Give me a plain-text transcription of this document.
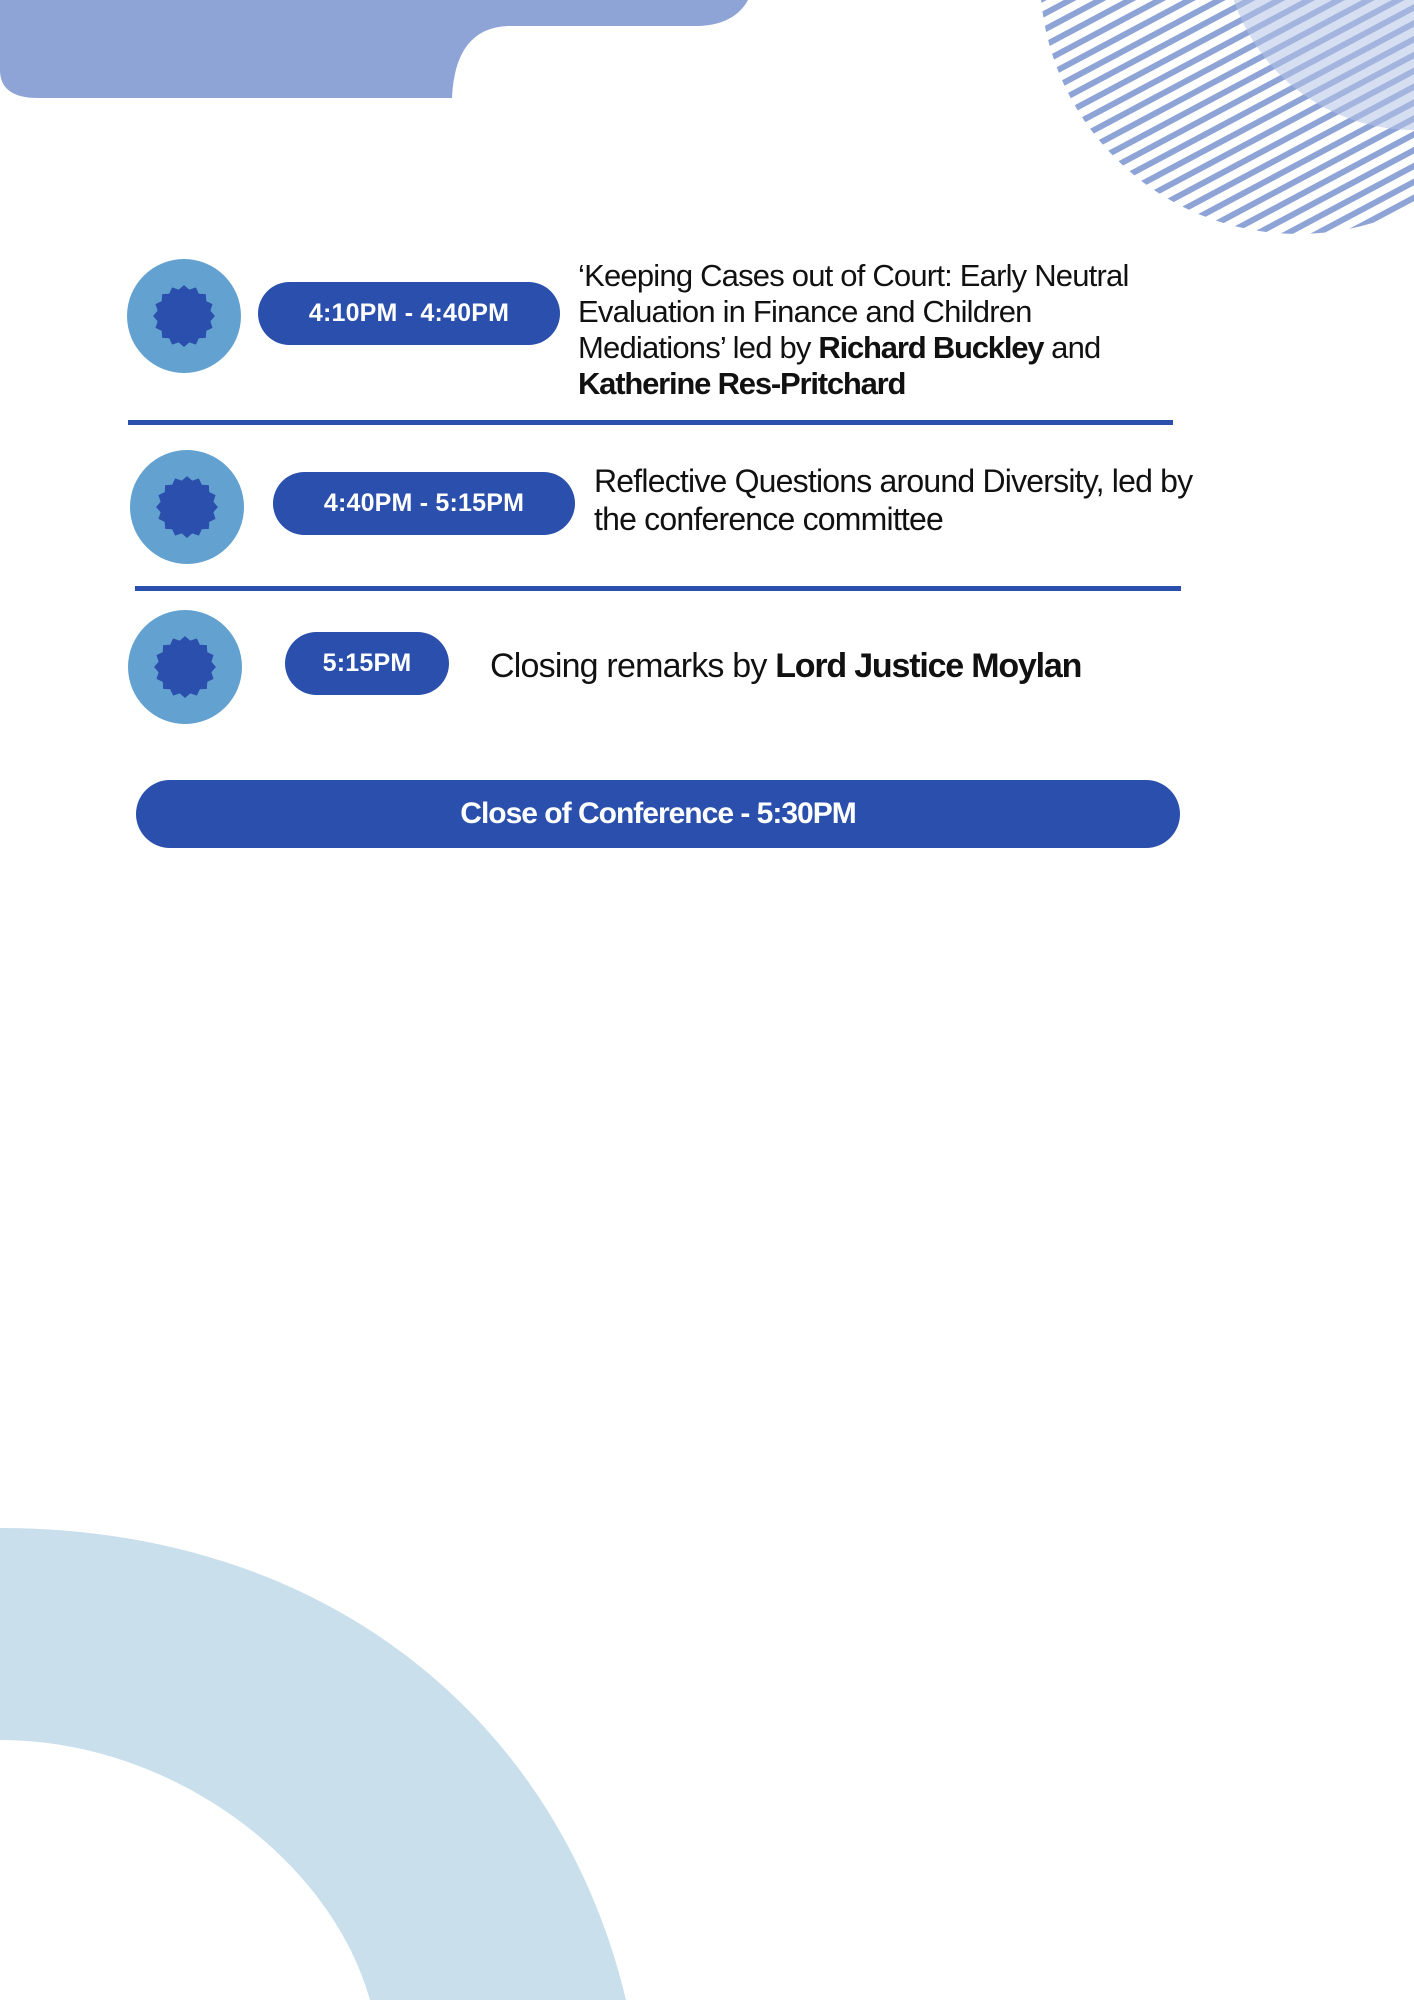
4:10PM - 4:40PM
‘Keeping Cases out of Court: Early Neutral Evaluation in Finance and Children Mediations’ led by Richard Buckley and Katherine Res-Pritchard
4:40PM - 5:15PM
Reflective Questions around Diversity, led by the conference committee
5:15PM	Closing remarks by Lord Justice Moylan
Close of Conference - 5:30PM
